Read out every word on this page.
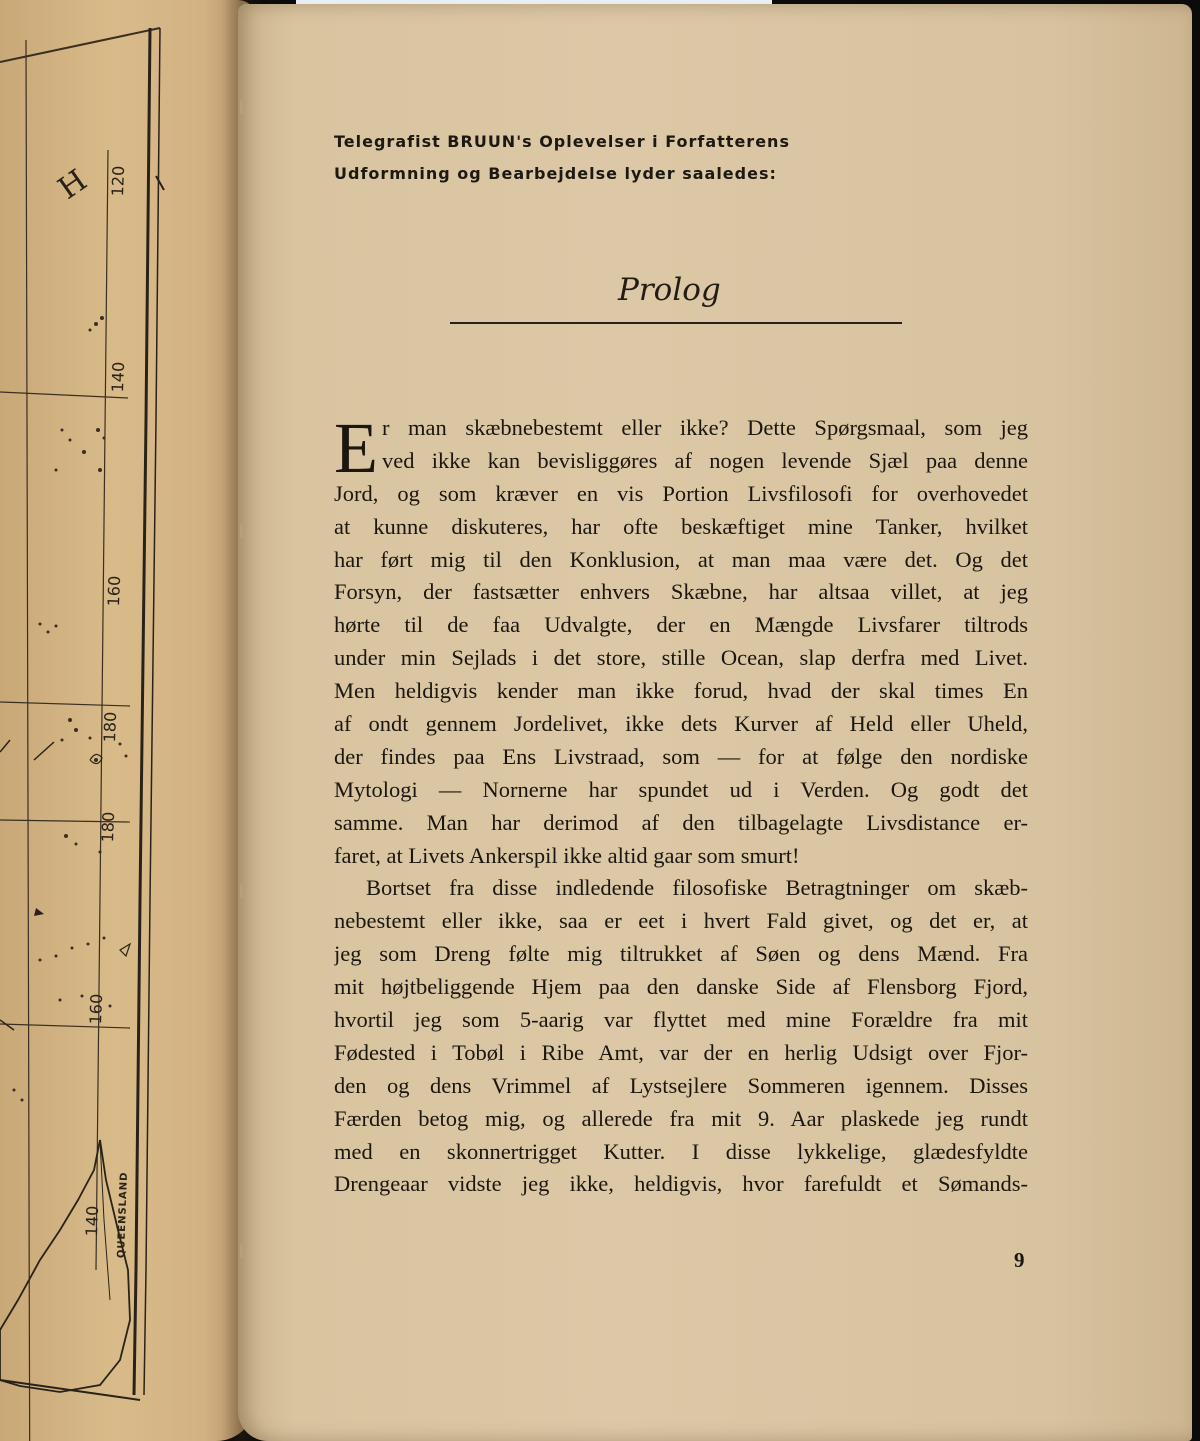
H 120
140
160
180
180
160
140 QUEENSLAND
Telegrafist BRUUN's Oplevelser i Forfatterens
Udformning og Bearbejdelse lyder saaledes:
Prolog
E r man skæbnebestemt eller ikke? Dette Spørgsmaal, som jeg
ved ikke kan bevisliggøres af nogen levende Sjæl paa denne
Jord, og som kræver en vis Portion Livsfilosofi for overhovedet
at kunne diskuteres, har ofte beskæftiget mine Tanker, hvilket
har ført mig til den Konklusion, at man maa være det. Og det
Forsyn, der fastsætter enhvers Skæbne, har altsaa villet, at jeg
hørte til de faa Udvalgte, der en Mængde Livsfarer tiltrods
under min Sejlads i det store, stille Ocean, slap derfra med Livet.
Men heldigvis kender man ikke forud, hvad der skal times En
af ondt gennem Jordelivet, ikke dets Kurver af Held eller Uheld,
der findes paa Ens Livstraad, som — for at følge den nordiske
Mytologi — Nornerne har spundet ud i Verden. Og godt det
samme. Man har derimod af den tilbagelagte Livsdistance er-
faret, at Livets Ankerspil ikke altid gaar som smurt!
Bortset fra disse indledende filosofiske Betragtninger om skæb-
nebestemt eller ikke, saa er eet i hvert Fald givet, og det er, at
jeg som Dreng følte mig tiltrukket af Søen og dens Mænd. Fra
mit højtbeliggende Hjem paa den danske Side af Flensborg Fjord,
hvortil jeg som 5-aarig var flyttet med mine Forældre fra mit
Fødested i Tobøl i Ribe Amt, var der en herlig Udsigt over Fjor-
den og dens Vrimmel af Lystsejlere Sommeren igennem. Disses
Færden betog mig, og allerede fra mit 9. Aar plaskede jeg rundt
med en skonnertrigget Kutter. I disse lykkelige, glædesfyldte
Drengeaar vidste jeg ikke, heldigvis, hvor farefuldt et Sømands-
9
